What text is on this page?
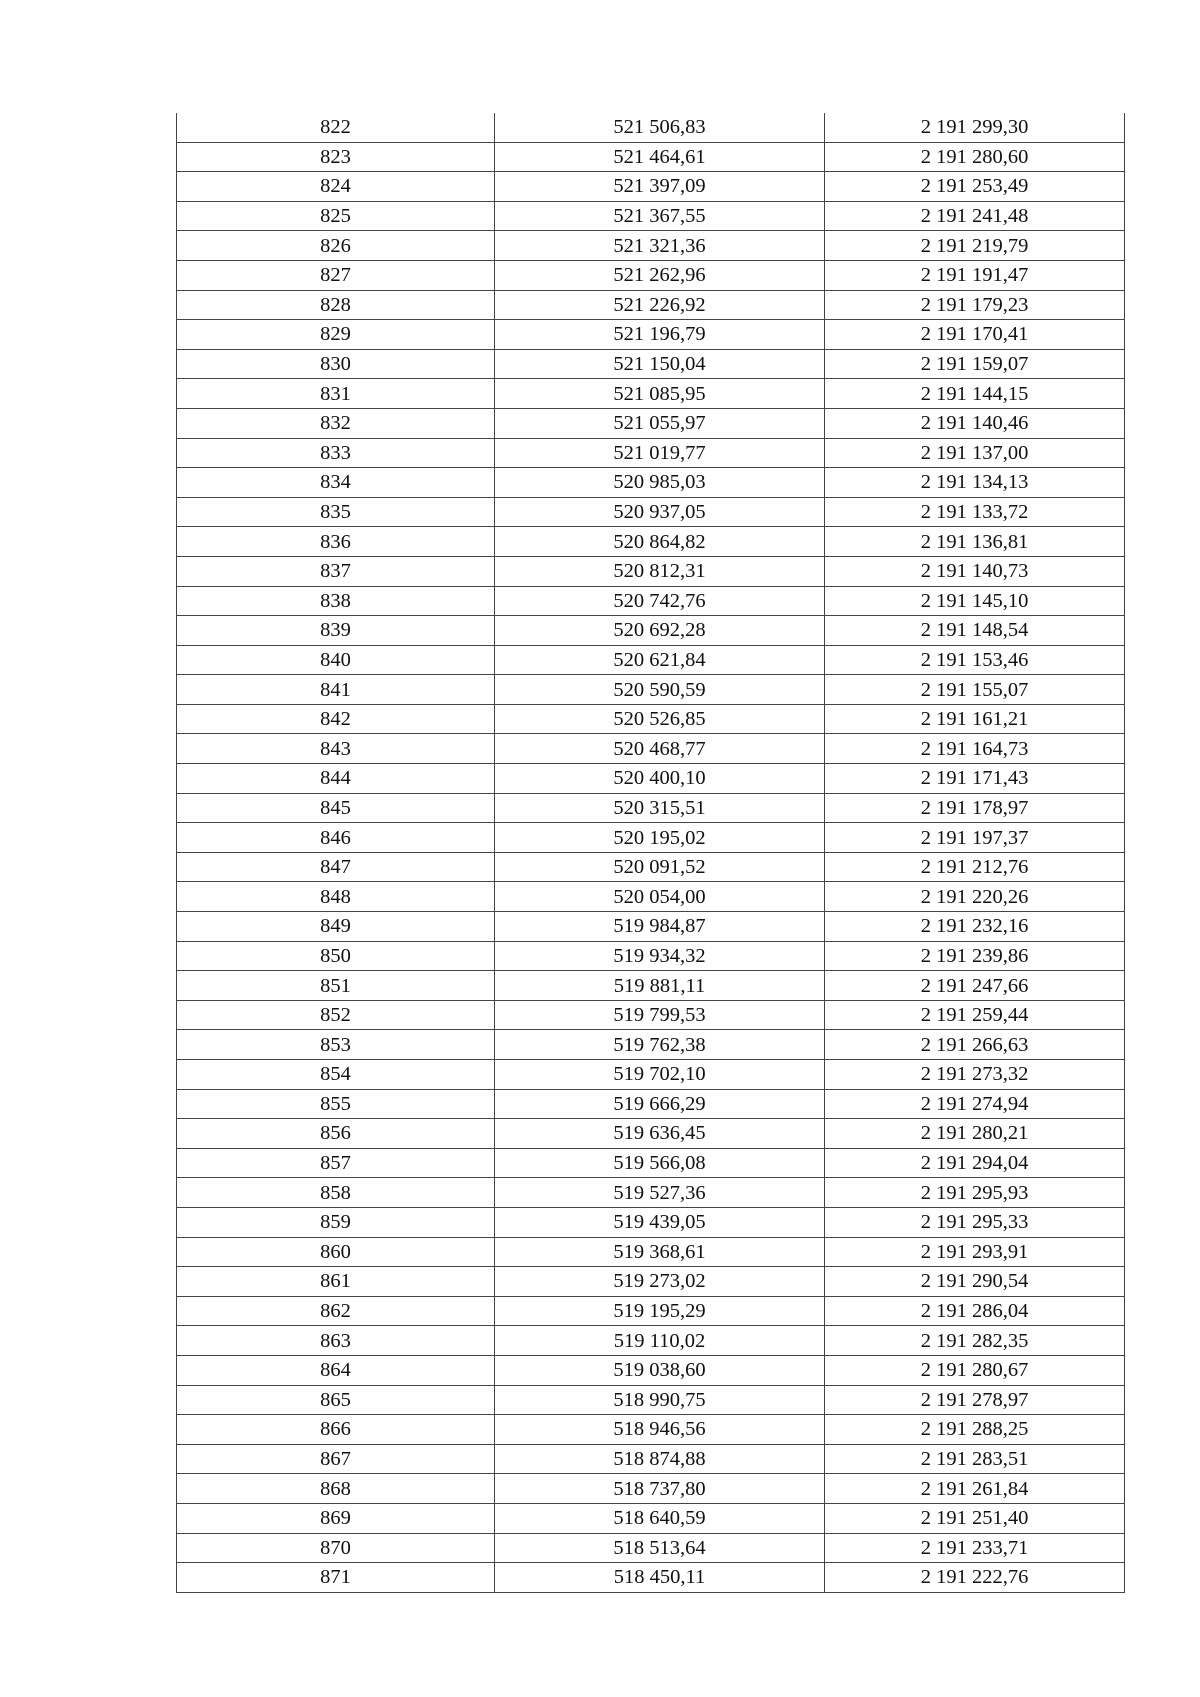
822	521 506,83	2 191 299,30
823	521 464,61	2 191 280,60
824	521 397,09	2 191 253,49
825	521 367,55	2 191 241,48
826	521 321,36	2 191 219,79
827	521 262,96	2 191 191,47
828	521 226,92	2 191 179,23
829	521 196,79	2 191 170,41
830	521 150,04	2 191 159,07
831	521 085,95	2 191 144,15
832	521 055,97	2 191 140,46
833	521 019,77	2 191 137,00
834	520 985,03	2 191 134,13
835	520 937,05	2 191 133,72
836	520 864,82	2 191 136,81
837	520 812,31	2 191 140,73
838	520 742,76	2 191 145,10
839	520 692,28	2 191 148,54
840	520 621,84	2 191 153,46
841	520 590,59	2 191 155,07
842	520 526,85	2 191 161,21
843	520 468,77	2 191 164,73
844	520 400,10	2 191 171,43
845	520 315,51	2 191 178,97
846	520 195,02	2 191 197,37
847	520 091,52	2 191 212,76
848	520 054,00	2 191 220,26
849	519 984,87	2 191 232,16
850	519 934,32	2 191 239,86
851	519 881,11	2 191 247,66
852	519 799,53	2 191 259,44
853	519 762,38	2 191 266,63
854	519 702,10	2 191 273,32
855	519 666,29	2 191 274,94
856	519 636,45	2 191 280,21
857	519 566,08	2 191 294,04
858	519 527,36	2 191 295,93
859	519 439,05	2 191 295,33
860	519 368,61	2 191 293,91
861	519 273,02	2 191 290,54
862	519 195,29	2 191 286,04
863	519 110,02	2 191 282,35
864	519 038,60	2 191 280,67
865	518 990,75	2 191 278,97
866	518 946,56	2 191 288,25
867	518 874,88	2 191 283,51
868	518 737,80	2 191 261,84
869	518 640,59	2 191 251,40
870	518 513,64	2 191 233,71
871	518 450,11	2 191 222,76
